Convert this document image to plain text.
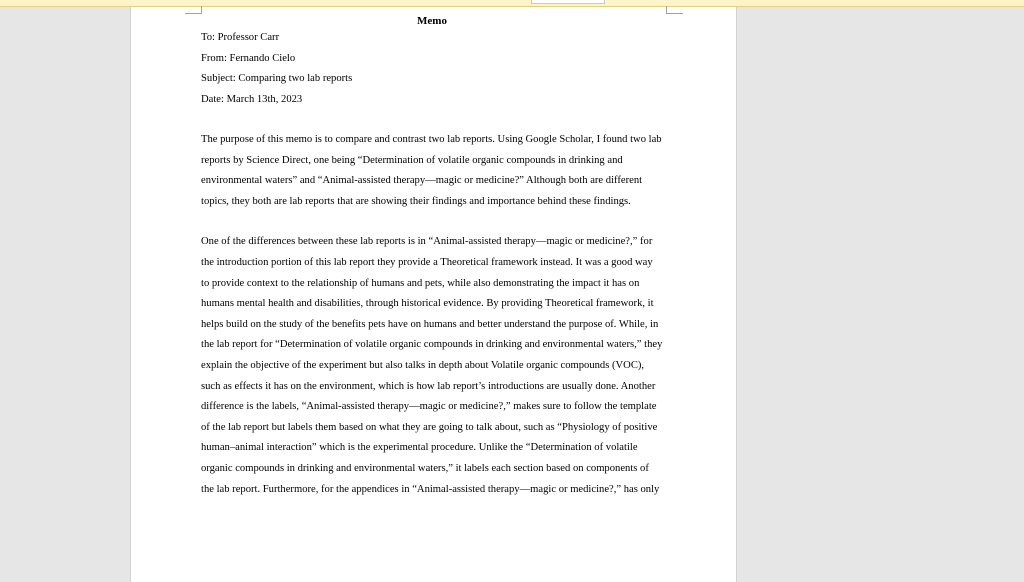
Memo

To: Professor Carr

From: Fernando Cielo

Subject: Comparing two lab reports

Date: March 13th, 2023

The purpose of this memo is to compare and contrast two lab reports. Using Google Scholar, I found two lab reports by Science Direct, one being “Determination of volatile organic compounds in drinking and environmental waters” and “Animal-assisted therapy—magic or medicine?” Although both are different topics, they both are lab reports that are showing their findings and importance behind these findings.

One of the differences between these lab reports is in “Animal-assisted therapy—magic or medicine?,” for the introduction portion of this lab report they provide a Theoretical framework instead. It was a good way to provide context to the relationship of humans and pets, while also demonstrating the impact it has on humans mental health and disabilities, through historical evidence. By providing Theoretical framework, it helps build on the study of the benefits pets have on humans and better understand the purpose of. While, in the lab report for “Determination of volatile organic compounds in drinking and environmental waters,” they explain the objective of the experiment but also talks in depth about Volatile organic compounds (VOC), such as effects it has on the environment, which is how lab report’s introductions are usually done. Another difference is the labels, “Animal-assisted therapy—magic or medicine?,” makes sure to follow the template of the lab report but labels them based on what they are going to talk about, such as “Physiology of positive human–animal interaction” which is the experimental procedure. Unlike the “Determination of volatile organic compounds in drinking and environmental waters,” it labels each section based on components of the lab report. Furthermore, for the appendices in “Animal-assisted therapy—magic or medicine?,” has only
